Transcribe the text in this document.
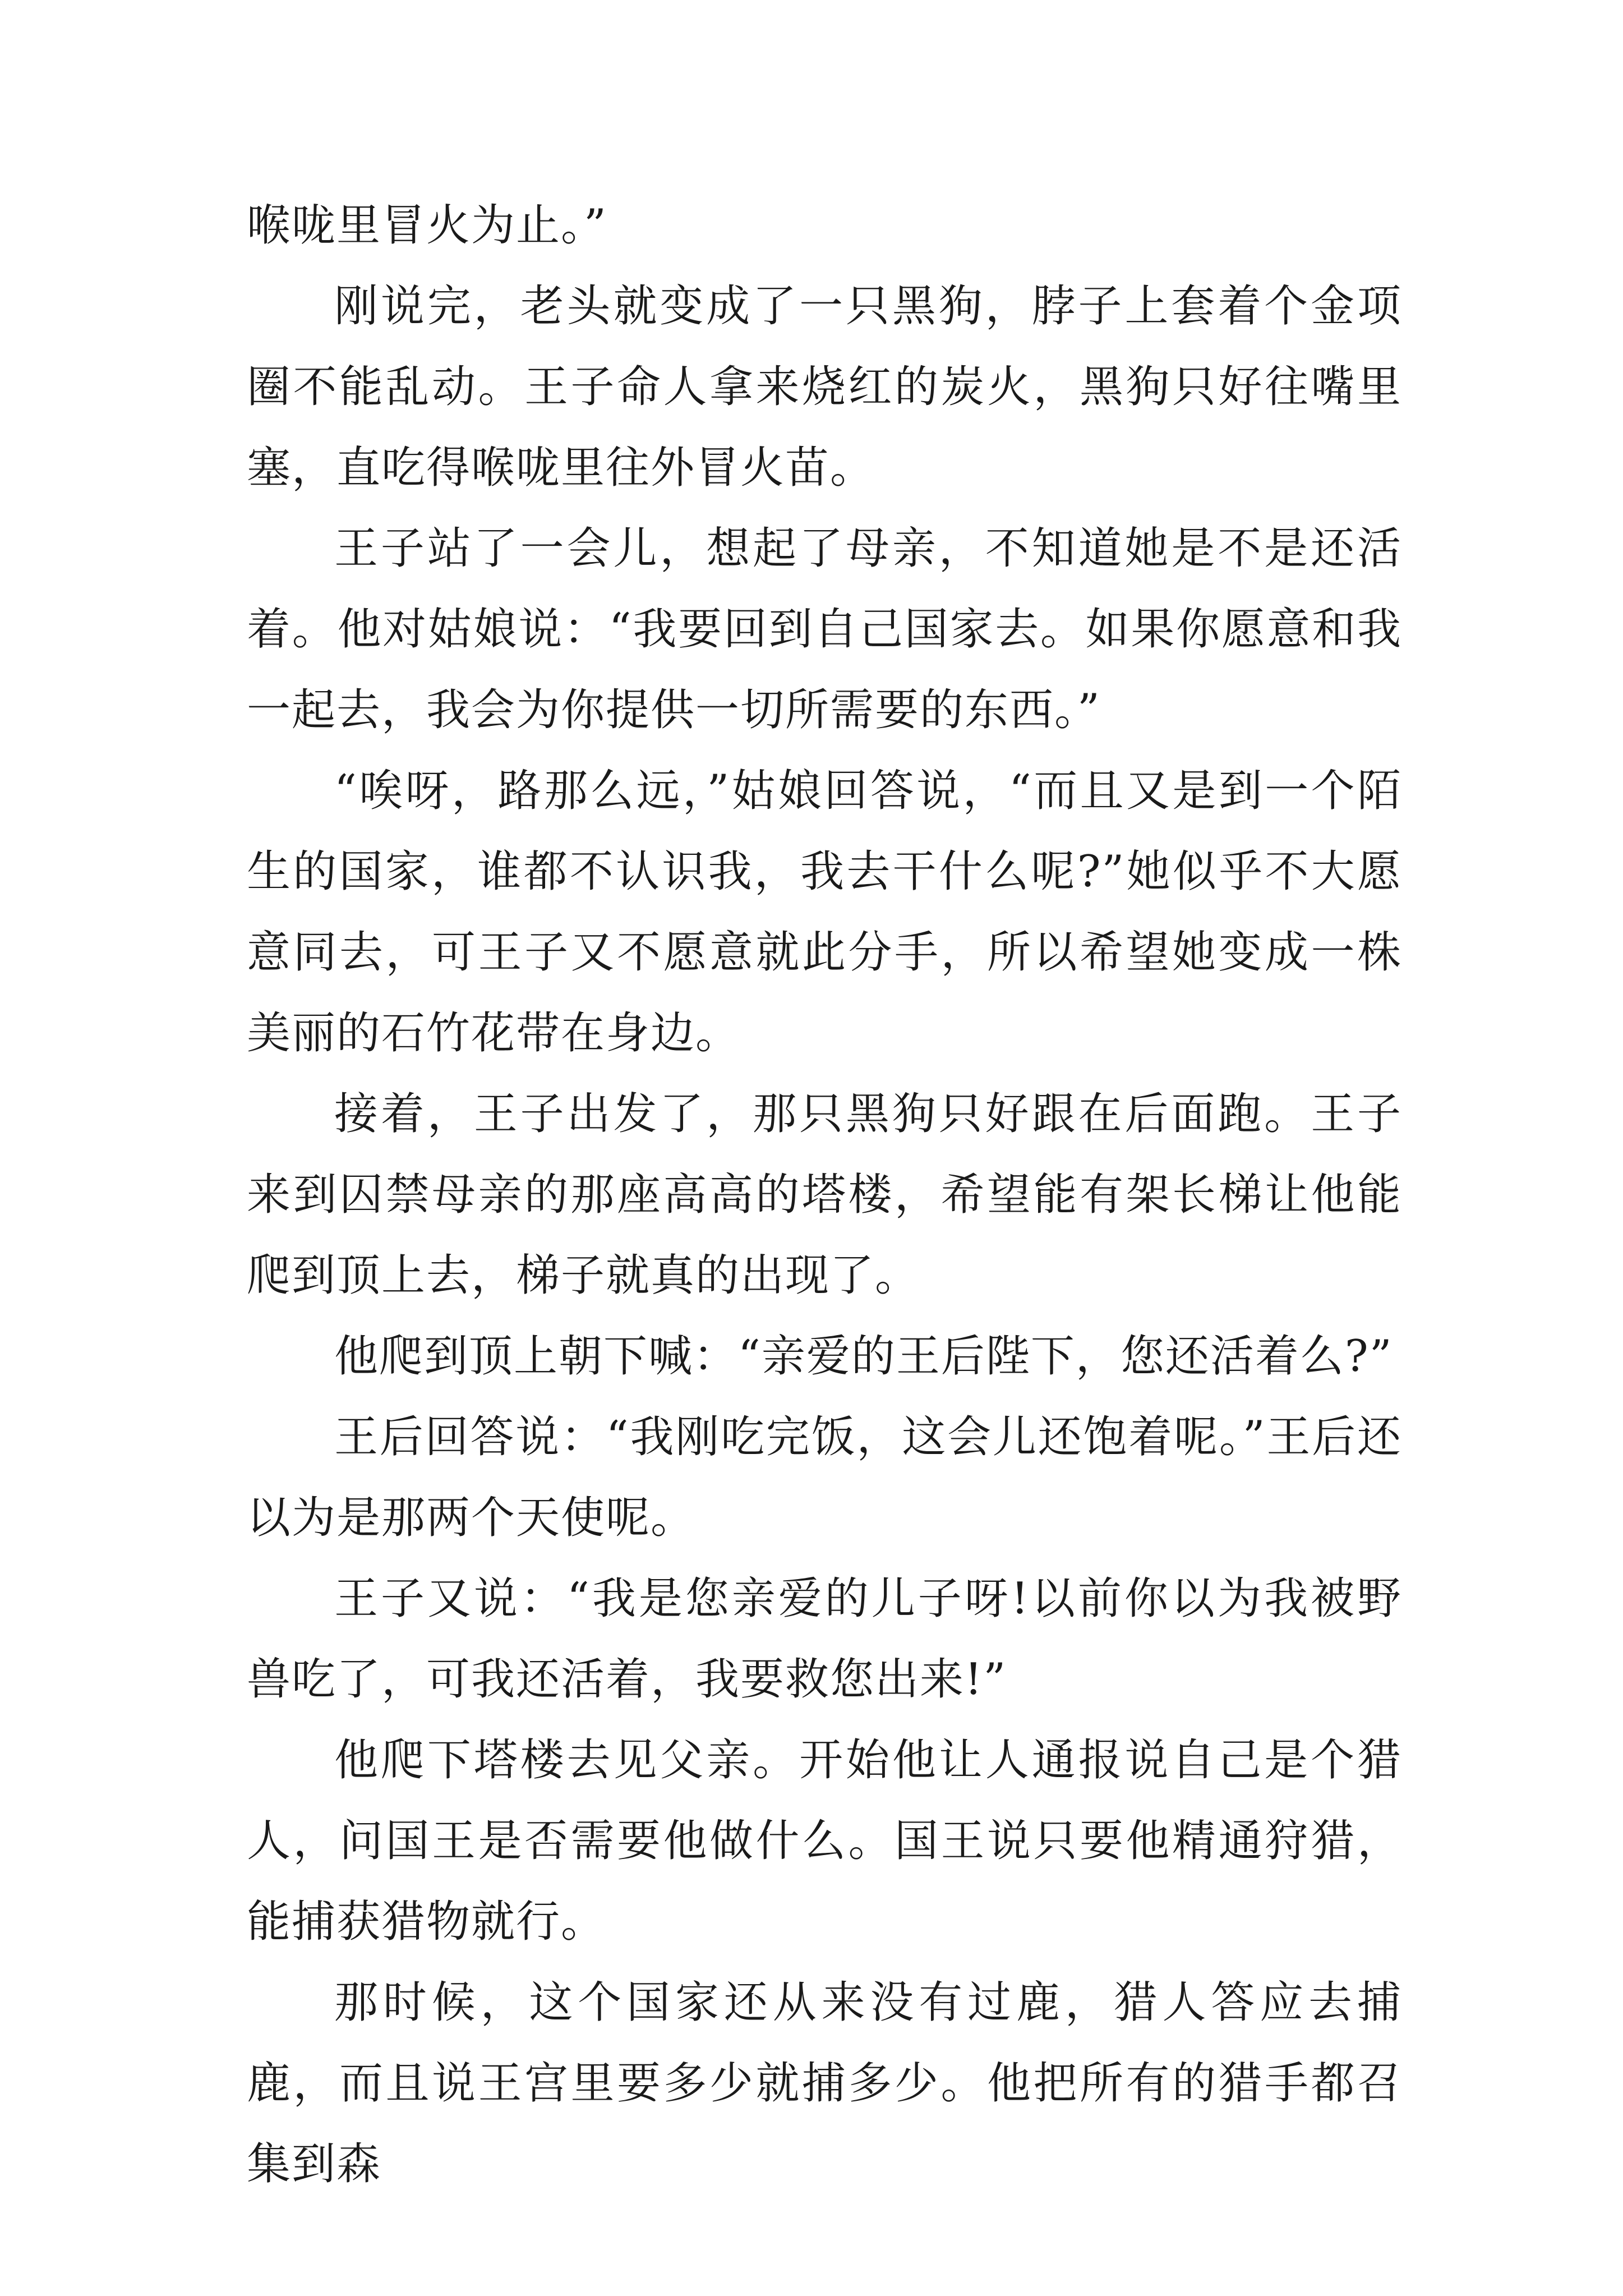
喉咙里冒火为止。”

刚说完，老头就变成了一只黑狗，脖子上套着个金项圈不能乱动。王子命人拿来烧红的炭火，黑狗只好往嘴里塞，直吃得喉咙里往外冒火苗。

王子站了一会儿，想起了母亲，不知道她是不是还活着。他对姑娘说：“我要回到自己国家去。如果你愿意和我一起去，我会为你提供一切所需要的东西。”

“唉呀，路那么远，”姑娘回答说，“而且又是到一个陌生的国家，谁都不认识我，我去干什么呢?”她似乎不大愿意同去，可王子又不愿意就此分手，所以希望她变成一株美丽的石竹花带在身边。

接着，王子出发了，那只黑狗只好跟在后面跑。王子来到囚禁母亲的那座高高的塔楼，希望能有架长梯让他能爬到顶上去，梯子就真的出现了。

他爬到顶上朝下喊：“亲爱的王后陛下，您还活着么?”

王后回答说：“我刚吃完饭，这会儿还饱着呢。”王后还以为是那两个天使呢。

王子又说：“我是您亲爱的儿子呀!以前你以为我被野兽吃了，可我还活着，我要救您出来!”

他爬下塔楼去见父亲。开始他让人通报说自己是个猎人，问国王是否需要他做什么。国王说只要他精通狩猎，能捕获猎物就行。

那时候，这个国家还从来没有过鹿，猎人答应去捕鹿，而且说王宫里要多少就捕多少。他把所有的猎手都召集到森
